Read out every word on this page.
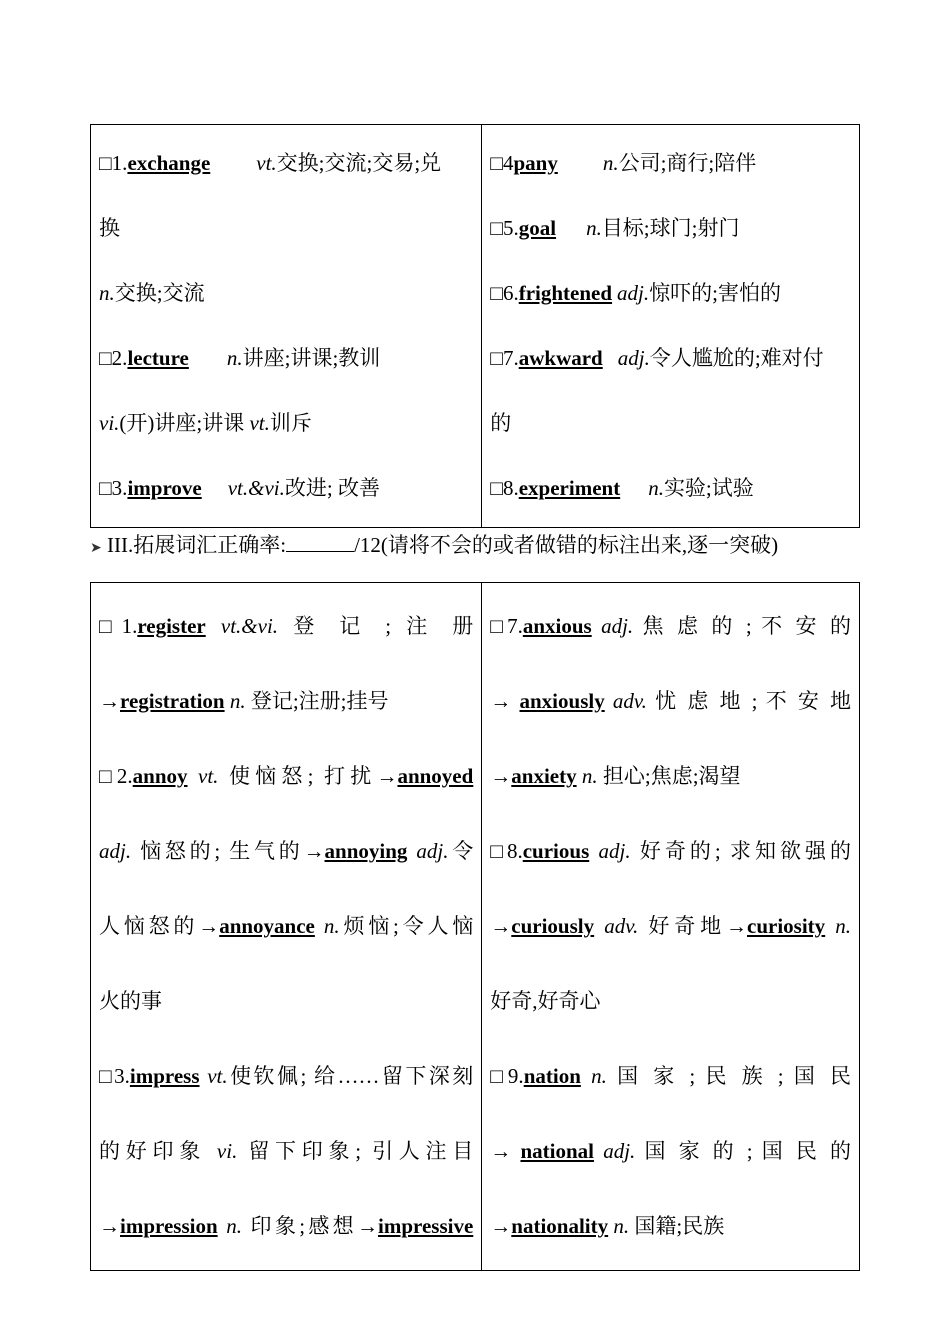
□1.exchange vt.交换;交流;交易;兑

换

n.交换;交流

□2.lecture n.讲座;讲课;教训

vi.(开)讲座;讲课 vt.训斥

□3.improve vt.&vi.改进; 改善

□4pany n.公司;商行;陪伴

□5.goal n.目标;球门;射门

□6.frightened adj.惊吓的;害怕的

□7.awkward adj.令人尴尬的;难对付

的

□8.experiment n.实验;试验

➤ III.拓展词汇正确率:	/12(请将不会的或者做错的标注出来,逐一突破)

□1.register vt.&vi. 登 记 ; 注 册

→registration n. 登记;注册;挂号

□2.annoy vt. 使恼怒; 打扰→annoyed

adj. 恼怒的; 生气的→annoying adj.令

人恼怒的→annoyance n.烦恼;令人恼

火的事

□3.impress vt.使钦佩; 给……留下深刻

的好印象 vi. 留下印象; 引人注目

→impression n. 印象;感想→impressive

□7.anxious adj. 焦 虑 的 ; 不 安 的

→ anxiously adv. 忧 虑 地 ; 不 安 地

→anxiety n. 担心;焦虑;渴望

□8.curious adj. 好奇的; 求知欲强的

→curiously adv. 好奇地→curiosity n.

好奇,好奇心

□9.nation n. 国 家 ; 民 族 ; 国 民

→ national adj. 国 家 的 ; 国 民 的

→nationality n. 国籍;民族
